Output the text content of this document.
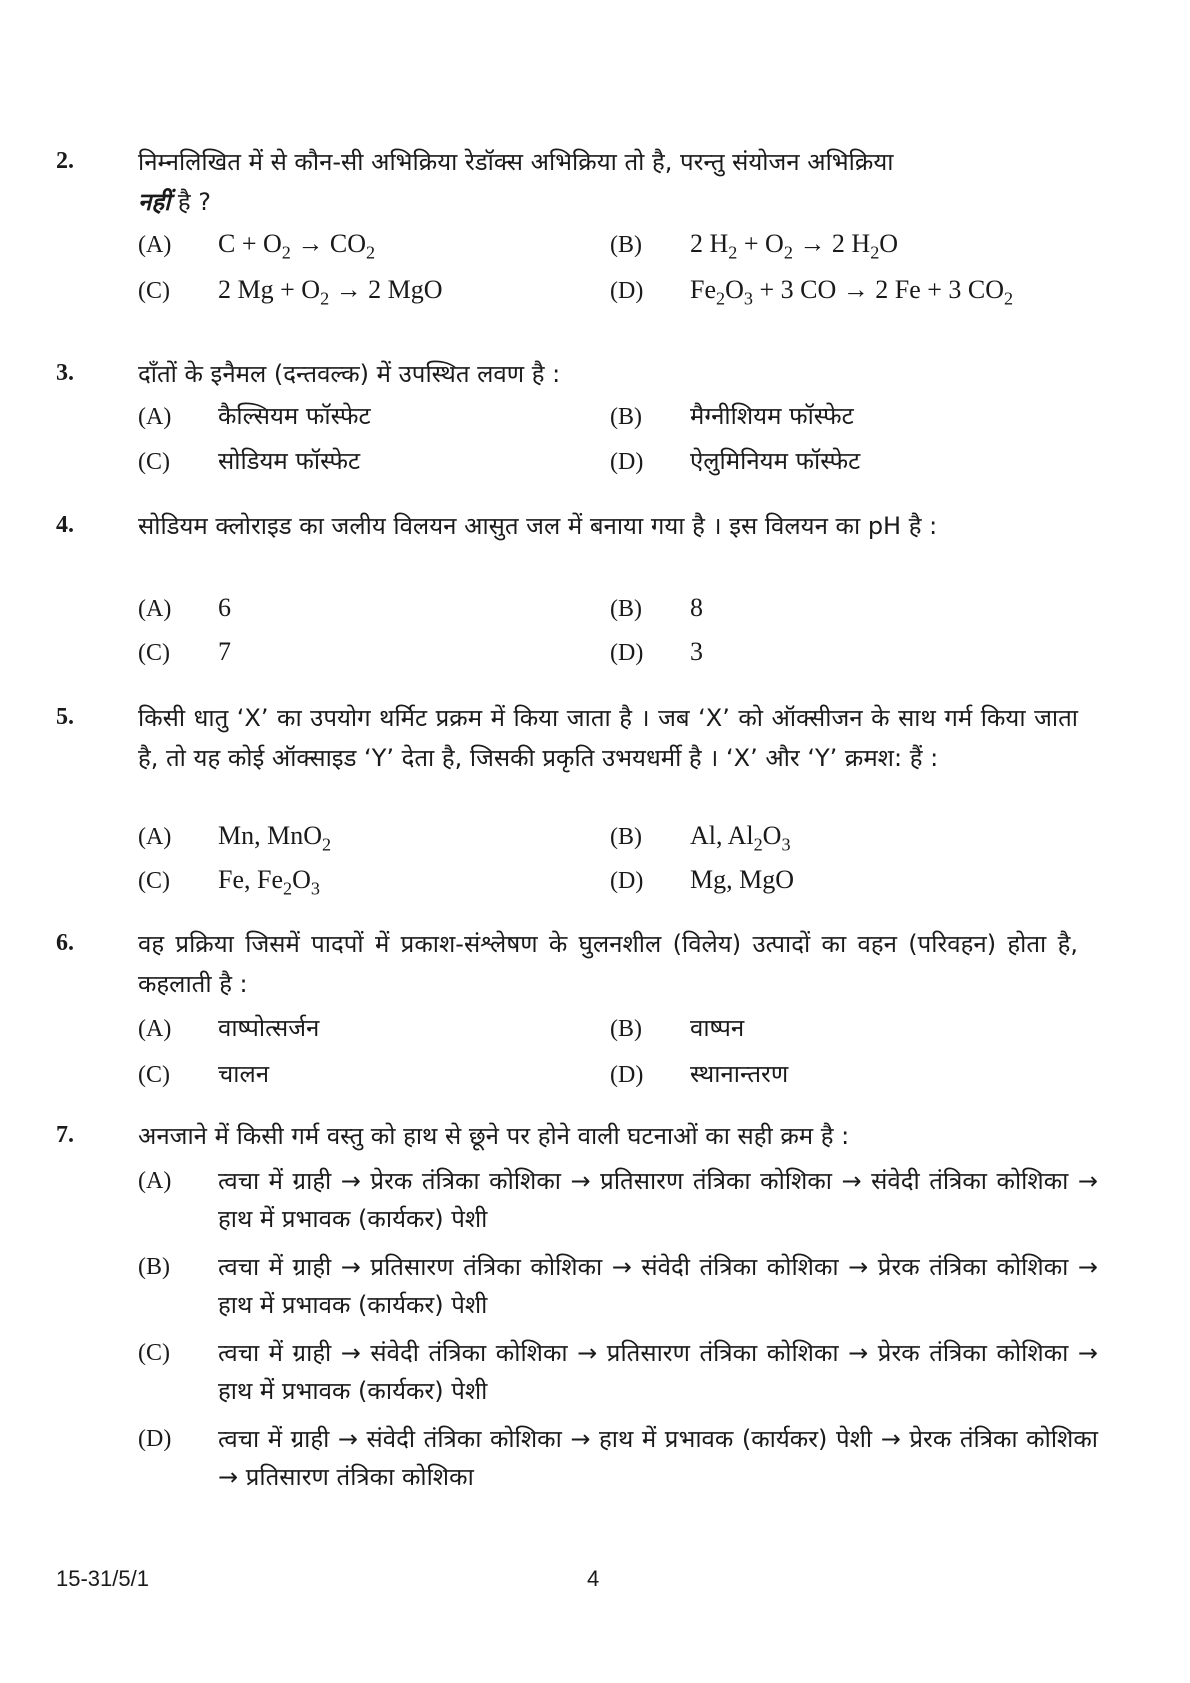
2.	निम्नलिखित में से कौन-सी अभिक्रिया रेडॉक्स अभिक्रिया तो है, परन्तु संयोजन अभिक्रिया
नहीं है ?
(A) $C + O_2 \to CO_2$	(B) 2 $H_2 + O_2 \to 2$ $H_2O$
(C) 2 $Mg + O_2 \to 2$ MgO	(D) $Fe_2O_3 + 3$ CO → 2 Fe + 3 $CO_2$
3.	दाँतों के इनैमल (दन्तवल्क) में उपस्थित लवण है :
(A) कैल्सियम फॉस्फेट	(B) मैग्नीशियम फॉस्फेट
(C) सोडियम फॉस्फेट	(D) ऐलुमिनियम फॉस्फेट
4.	सोडियम क्लोराइड का जलीय विलयन आसुत जल में बनाया गया है । इस विलयन का pH है :
(A) 6	(B) 8
(C) 7	(D) 3
5.	किसी धातु ‘X’ का उपयोग थर्मिट प्रक्रम में किया जाता है । जब ‘X’ को ऑक्सीजन के साथ गर्म किया जाता है, तो यह कोई ऑक्साइड ‘Y’ देता है, जिसकी प्रकृति उभयधर्मी है । ‘X’ और ‘Y’ क्रमश: हैं :
(A) Mn, MnO$_2$	(B) Al, $Al_2O_3$
(C) Fe, $Fe_2O_3$	(D) Mg, MgO
6.	वह प्रक्रिया जिसमें पादपों में प्रकाश-संश्लेषण के घुलनशील (विलेय) उत्पादों का वहन (परिवहन) होता है, कहलाती है :
(A) वाष्पोत्सर्जन	(B) वाष्पन
(C) चालन	(D) स्थानान्तरण
7.	अनजाने में किसी गर्म वस्तु को हाथ से छूने पर होने वाली घटनाओं का सही क्रम है :
(A) त्वचा में ग्राही → प्रेरक तंत्रिका कोशिका → प्रतिसारण तंत्रिका कोशिका → संवेदी तंत्रिका कोशिका → हाथ में प्रभावक (कार्यकर) पेशी
(B) त्वचा में ग्राही → प्रतिसारण तंत्रिका कोशिका → संवेदी तंत्रिका कोशिका → प्रेरक तंत्रिका कोशिका → हाथ में प्रभावक (कार्यकर) पेशी
(C) त्वचा में ग्राही → संवेदी तंत्रिका कोशिका → प्रतिसारण तंत्रिका कोशिका → प्रेरक तंत्रिका कोशिका → हाथ में प्रभावक (कार्यकर) पेशी
(D) त्वचा में ग्राही → संवेदी तंत्रिका कोशिका → हाथ में प्रभावक (कार्यकर) पेशी → प्रेरक तंत्रिका कोशिका → प्रतिसारण तंत्रिका कोशिका
15-31/5/1	4
